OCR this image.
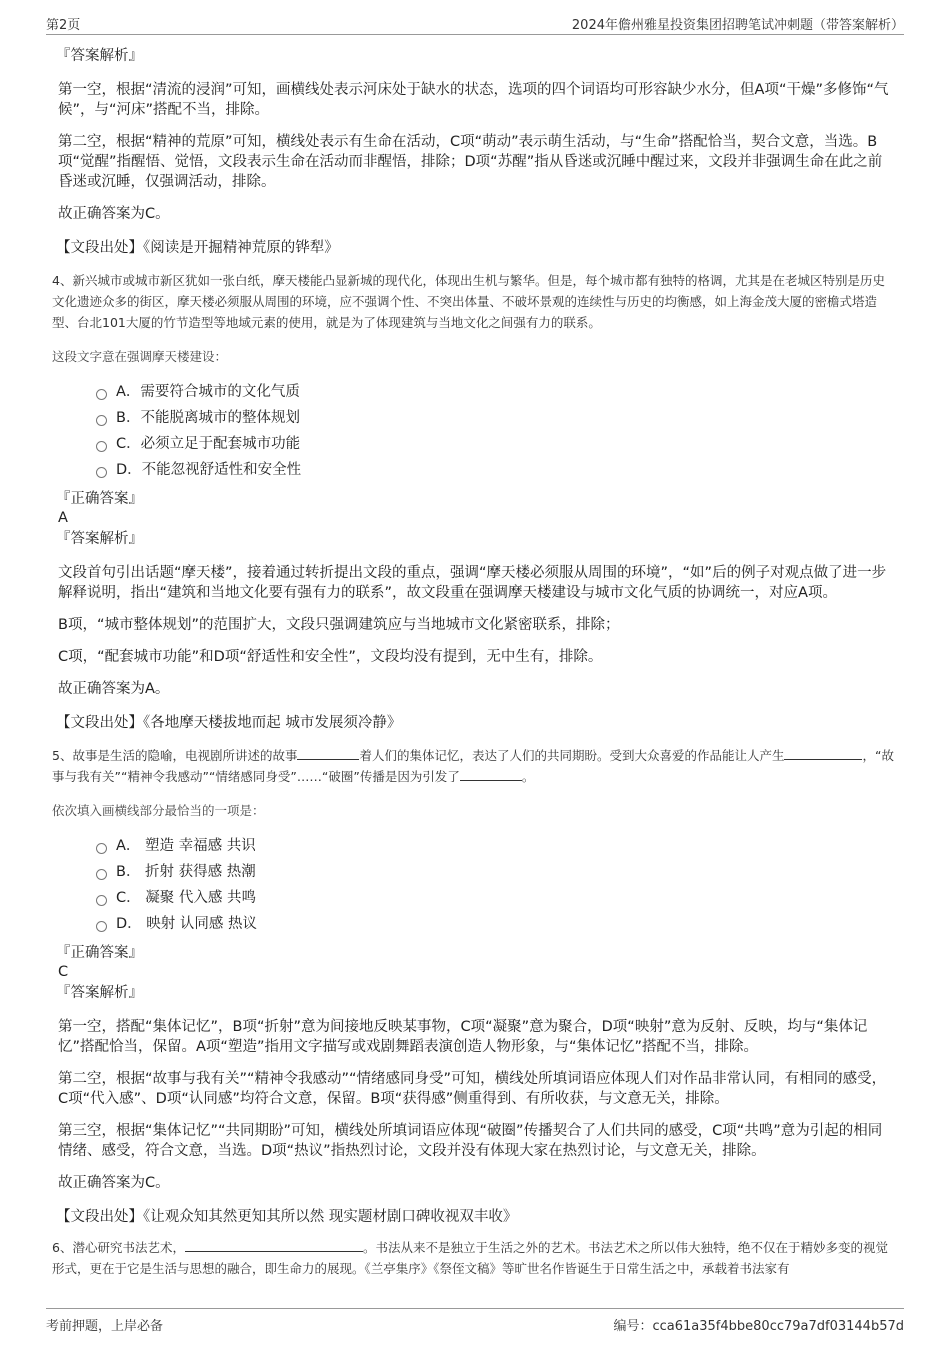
第2页	2024年儋州雅星投资集团招聘笔试冲刺题（带答案解析）

『答案解析』

第一空，根据“清流的浸润”可知，画横线处表示河床处于缺水的状态，选项的四个词语均可形容缺少水分，但A项“干燥”多修饰“气候”，与“河床”搭配不当，排除。

第二空，根据“精神的荒原”可知，横线处表示有生命在活动，C项“萌动”表示萌生活动，与“生命”搭配恰当，契合文意，当选。B项“觉醒”指醒悟、觉悟，文段表示生命在活动而非醒悟，排除；D项“苏醒”指从昏迷或沉睡中醒过来，文段并非强调生命在此之前昏迷或沉睡，仅强调活动，排除。

故正确答案为C。

【文段出处】《阅读是开掘精神荒原的铧犁》

4、新兴城市或城市新区犹如一张白纸，摩天楼能凸显新城的现代化，体现出生机与繁华。但是，每个城市都有独特的格调，尤其是在老城区特别是历史文化遗迹众多的街区，摩天楼必须服从周围的环境，应不强调个性、不突出体量、不破坏景观的连续性与历史的均衡感，如上海金茂大厦的密檐式塔造型、台北101大厦的竹节造型等地域元素的使用，就是为了体现建筑与当地文化之间强有力的联系。

这段文字意在强调摩天楼建设：

A．需要符合城市的文化气质
B．不能脱离城市的整体规划
C．必须立足于配套城市功能
D．不能忽视舒适性和安全性

『正确答案』

A

『答案解析』

文段首句引出话题“摩天楼”，接着通过转折提出文段的重点，强调“摩天楼必须服从周围的环境”，“如”后的例子对观点做了进一步解释说明，指出“建筑和当地文化要有强有力的联系”，故文段重在强调摩天楼建设与城市文化气质的协调统一，对应A项。

B项，“城市整体规划”的范围扩大，文段只强调建筑应与当地城市文化紧密联系，排除；

C项，“配套城市功能”和D项“舒适性和安全性”，文段均没有提到，无中生有，排除。

故正确答案为A。

【文段出处】《各地摩天楼拔地而起 城市发展须冷静》

5、故事是生活的隐喻，电视剧所讲述的故事	着人们的集体记忆，表达了人们的共同期盼。受到大众喜爱的作品能让人产生	，“故事与我有关”“精神令我感动”“情绪感同身受”……“破圈”传播是因为引发了	。

依次填入画横线部分最恰当的一项是：

A． 塑造 幸福感 共识
B． 折射 获得感 热潮
C． 凝聚 代入感 共鸣
D． 映射 认同感 热议

『正确答案』

C

『答案解析』

第一空，搭配“集体记忆”，B项“折射”意为间接地反映某事物，C项“凝聚”意为聚合，D项“映射”意为反射、反映，均与“集体记忆”搭配恰当，保留。A项“塑造”指用文字描写或戏剧舞蹈表演创造人物形象，与“集体记忆”搭配不当，排除。

第二空，根据“故事与我有关”“精神令我感动”“情绪感同身受”可知，横线处所填词语应体现人们对作品非常认同，有相同的感受，C项“代入感”、D项“认同感”均符合文意，保留。B项“获得感”侧重得到、有所收获，与文意无关，排除。

第三空，根据“集体记忆”“共同期盼”可知，横线处所填词语应体现“破圈”传播契合了人们共同的感受，C项“共鸣”意为引起的相同情绪、感受，符合文意，当选。D项“热议”指热烈讨论，文段并没有体现大家在热烈讨论，与文意无关，排除。

故正确答案为C。

【文段出处】《让观众知其然更知其所以然 现实题材剧口碑收视双丰收》

6、潜心研究书法艺术，	。书法从来不是独立于生活之外的艺术。书法艺术之所以伟大独特，绝不仅在于精妙多变的视觉形式，更在于它是生活与思想的融合，即生命力的展现。《兰亭集序》《祭侄文稿》等旷世名作皆诞生于日常生活之中，承载着书法家有

考前押题，上岸必备	编号：cca61a35f4bbe80cc79a7df03144b57d
